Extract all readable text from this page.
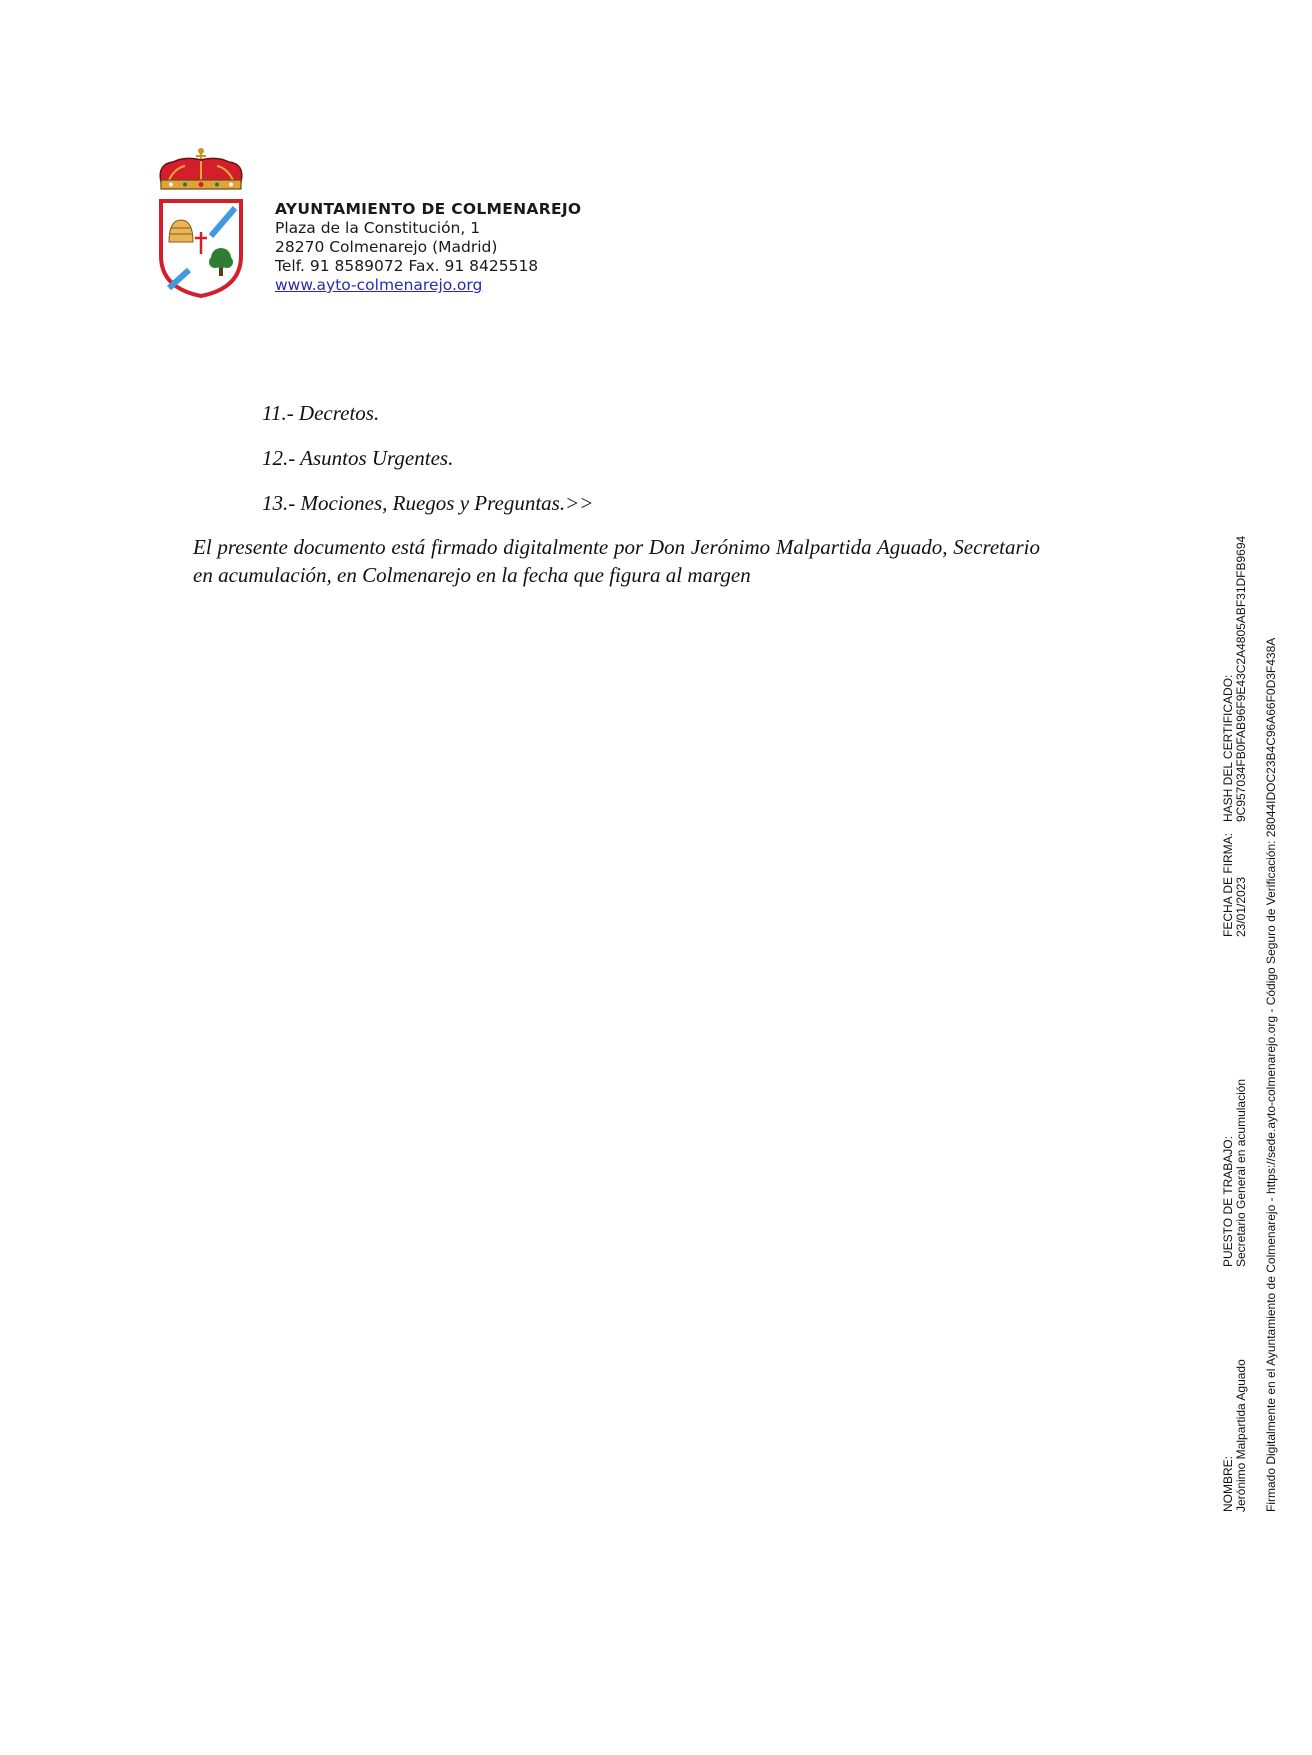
AYUNTAMIENTO DE COLMENAREJO
Plaza de la Constitución, 1
28270 Colmenarejo (Madrid)
Telf. 91 8589072 Fax. 91 8425518
www.ayto-colmenarejo.org
11.- Decretos.
12.- Asuntos Urgentes.
13.- Mociones, Ruegos y Preguntas.>>
El presente documento está firmado digitalmente por Don Jerónimo Malpartida Aguado, Secretario en acumulación, en Colmenarejo en la fecha que figura al margen
NOMBRE: Jerónimo Malpartida Aguado
PUESTO DE TRABAJO: Secretario General en acumulación
FECHA DE FIRMA: 23/01/2023
HASH DEL CERTIFICADO: 9C957034FB0FAB96F9E43C2A4805ABF31DFB9694 Firmado Digitalmente en el Ayuntamiento de Colmenarejo - https://sede.ayto-colmenarejo.org - Código Seguro de Verificación: 28044IDOC23B4C96A66F0D3F438A
